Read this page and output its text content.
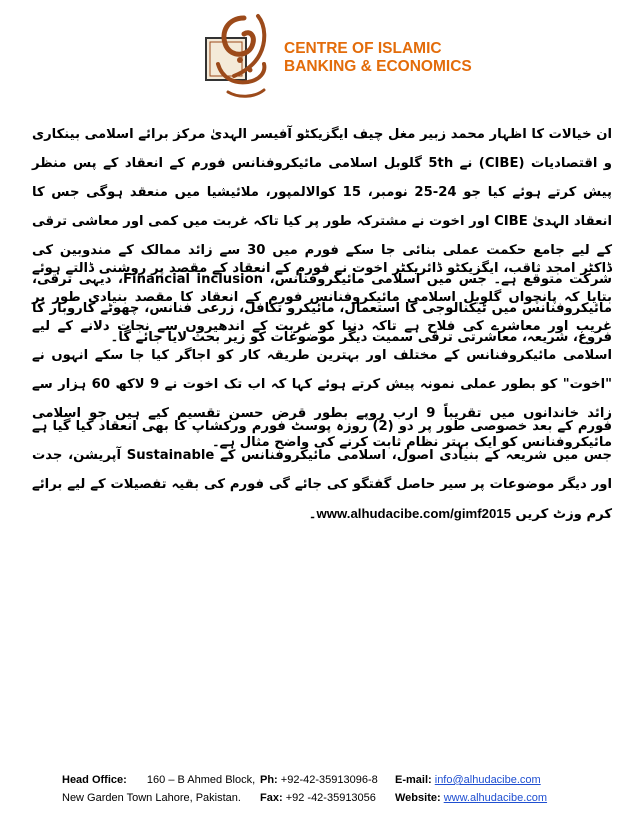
CENTRE OF ISLAMIC
BANKING & ECONOMICS
ان خیالات کا اظہار محمد زبیر مغل چیف ایگزیکٹو آفیسر الہدیٰ مرکز برائے اسلامی بینکاری و اقتصادیات (CIBE) نے 5th گلوبل اسلامی مائیکروفنانس فورم کے انعقاد کے پس منظر پیش کرتے ہوئے کیا جو 24-25 نومبر، 15 کوالالمپور، ملائیشیا میں منعقد ہوگی جس کا انعقاد الہدیٰ CIBE اور اخوت نے مشترکہ طور پر کیا تاکہ غربت میں کمی اور معاشی ترقی کے لیے جامع حکمت عملی بنائی جا سکے فورم میں 30 سے زائد ممالک کے مندوبین کی شرکت متوقع ہے۔ جس میں اسلامی مائیکروفنانس، Financial inclusion، دیہی ترقی، مائیکروفنانس میں ٹیکنالوجی کا استعمال، مائیکرو تکافل، زرعی فنانس، چھوٹے کاروبار کا فروغ، شریعہ، معاشرتی ترقی سمیت دیگر موضوعات کو زیر بحث لایا جائے گا۔
ڈاکٹر امجد ثاقب، ایگزیکٹو ڈائریکٹر اخوت نے فورم کے انعقاد کے مقصد پر روشنی ڈالتے ہوئے بتایا کہ پانچواں گلوبل اسلامی مائیکروفنانس فورم کے انعقاد کا مقصد بنیادی طور پر غریب اور معاشرے کی فلاح ہے تاکہ دنیا کو غربت کے اندھیروں سے نجات دلانے کے لیے اسلامی مائیکروفنانس کے مختلف اور بہترین طریقہ کار کو اجاگر کیا جا سکے انہوں نے "اخوت" کو بطور عملی نمونہ پیش کرتے ہوئے کہا کہ اب تک اخوت نے 9 لاکھ 60 ہزار سے زائد خاندانوں میں تقریباً 9 ارب روپے بطور قرض حسن تقسیم کیے ہیں جو اسلامی مائیکروفنانس کو ایک بہتر نظام ثابت کرنے کی واضح مثال ہے۔
فورم کے بعد خصوصی طور پر دو (2) روزہ پوسٹ فورم ورکشاپ کا بھی انعقاد کیا گیا ہے جس میں شریعہ کے بنیادی اصول، اسلامی مائیکروفنانس کے Sustainable آپریشن، جدت اور دیگر موضوعات پر سیر حاصل گفتگو کی جائے گی فورم کی بقیہ تفصیلات کے لیے برائے کرم وزٹ کریں www.alhudacibe.com/gimf2015۔
Head Office: 160 – B Ahmed Block,
New Garden Town Lahore, Pakistan.
Ph: +92-42-35913096-8
Fax: +92 -42-35913056
E-mail: info@alhudacibe.com
Website: www.alhudacibe.com
